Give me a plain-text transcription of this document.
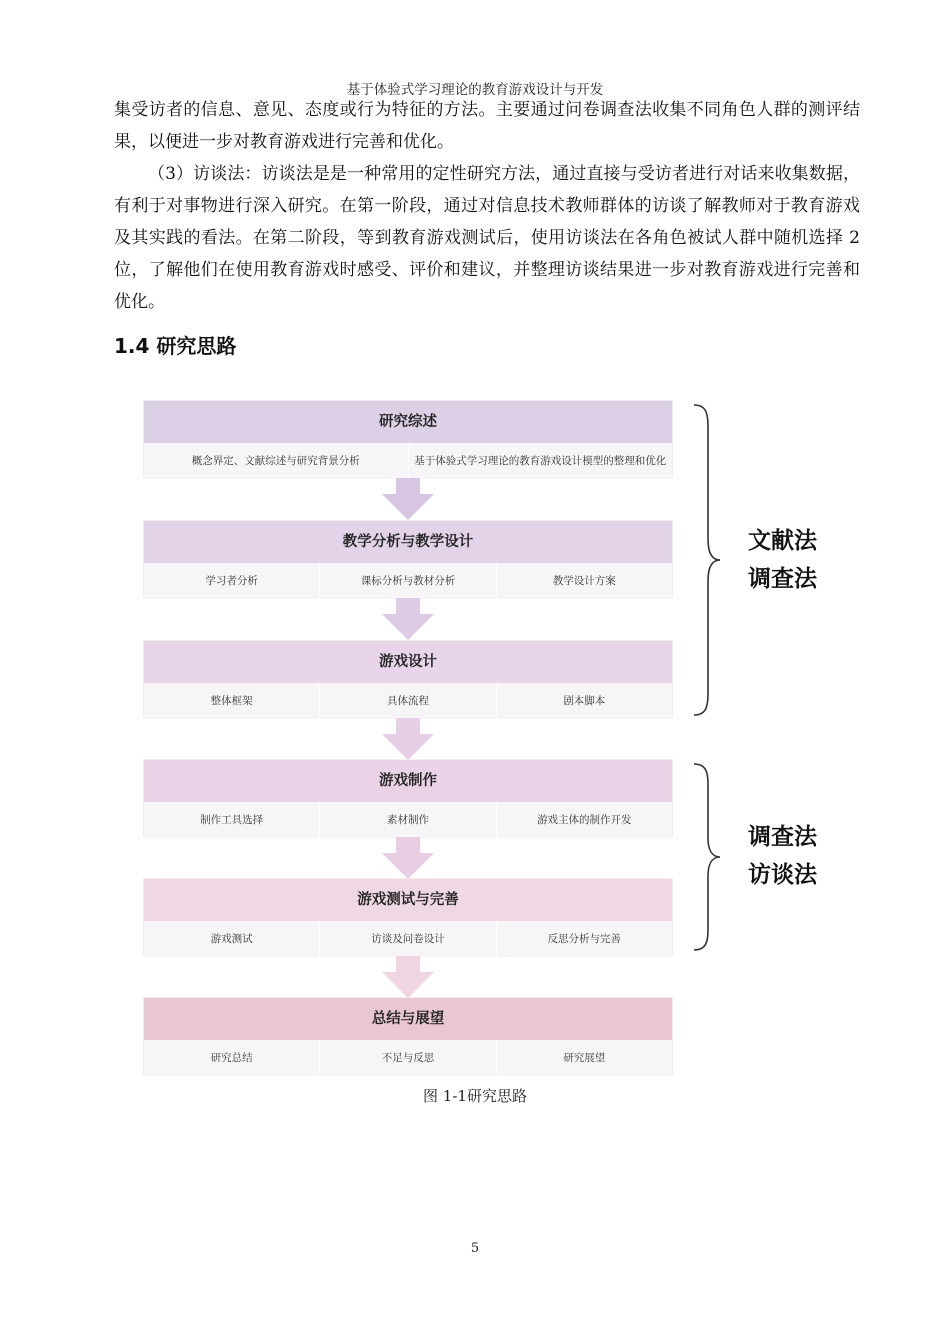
基于体验式学习理论的教育游戏设计与开发

集受访者的信息、意见、态度或行为特征的方法。主要通过问卷调查法收集不同角色人群的测评结果，以便进一步对教育游戏进行完善和优化。

（3）访谈法：访谈法是是一种常用的定性研究方法，通过直接与受访者进行对话来收集数据，有利于对事物进行深入研究。在第一阶段，通过对信息技术教师群体的访谈了解教师对于教育游戏及其实践的看法。在第二阶段，等到教育游戏测试后，使用访谈法在各角色被试人群中随机选择 2 位，了解他们在使用教育游戏时感受、评价和建议，并整理访谈结果进一步对教育游戏进行完善和优化。

1.4 研究思路
研究综述
概念界定、文献综述与研究背景分析	基于体验式学习理论的教育游戏设计模型的整理和优化
教学分析与教学设计
学习者分析	课标分析与教材分析	教学设计方案
游戏设计
整体框架	具体流程	剧本脚本
游戏制作
制作工具选择	素材制作	游戏主体的制作开发
游戏测试与完善
游戏测试	访谈及问卷设计	反思分析与完善
总结与展望
研究总结	不足与反思	研究展望
文献法
调查法
调查法
访谈法
图 1-1研究思路
5
